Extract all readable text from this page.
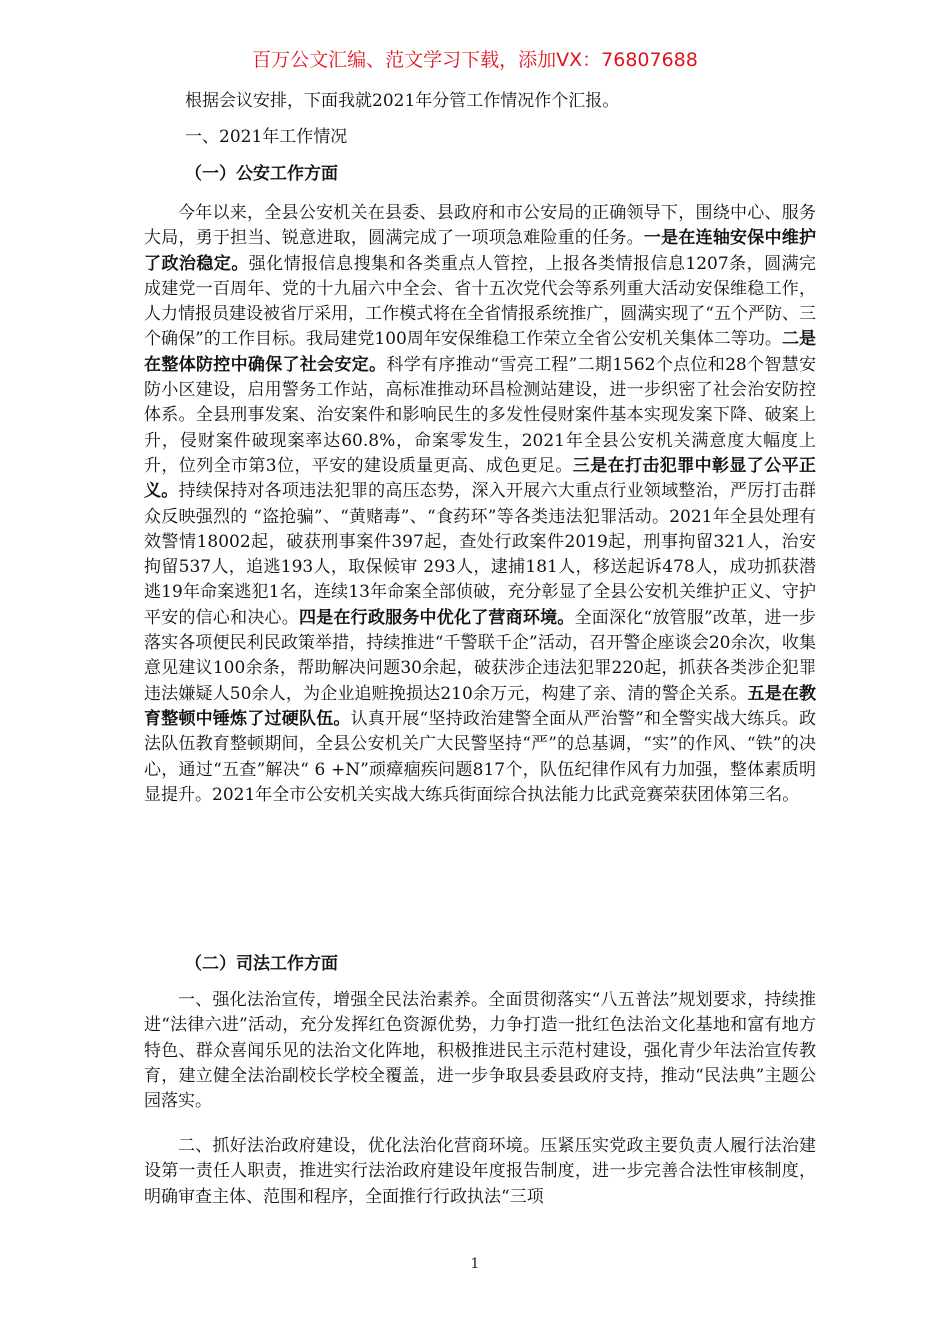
百万公文汇编、范文学习下载，添加VX：76807688
根据会议安排，下面我就2021年分管工作情况作个汇报。
一、2021年工作情况
（一）公安工作方面

今年以来，全县公安机关在县委、县政府和市公安局的正确领导下，围绕中心、服务大局，勇于担当、锐意进取，圆满完成了一项项急难险重的任务。一是在连轴安保中维护了政治稳定。强化情报信息搜集和各类重点人管控，上报各类情报信息1207条，圆满完成建党一百周年、党的十九届六中全会、省十五次党代会等系列重大活动安保维稳工作，人力情报员建设被省厅采用，工作模式将在全省情报系统推广，圆满实现了“五个严防、三个确保”的工作目标。我局建党100周年安保维稳工作荣立全省公安机关集体二等功。二是在整体防控中确保了社会安定。科学有序推动“雪亮工程”二期1562个点位和28个智慧安防小区建设，启用警务工作站，高标准推动环昌检测站建设，进一步织密了社会治安防控体系。全县刑事发案、治安案件和影响民生的多发性侵财案件基本实现发案下降、破案上升，侵财案件破现案率达60.8%，命案零发生，2021年全县公安机关满意度大幅度上升，位列全市第3位，平安的建设质量更高、成色更足。三是在打击犯罪中彰显了公平正义。持续保持对各项违法犯罪的高压态势，深入开展六大重点行业领域整治，严厉打击群众反映强烈的 “盗抢骗”、“黄赌毒”、“食药环”等各类违法犯罪活动。2021年全县处理有效警情18002起，破获刑事案件397起，查处行政案件2019起，刑事拘留321人，治安拘留537人，追逃193人，取保候审 293人，逮捕181人，移送起诉478人，成功抓获潜逃19年命案逃犯1名，连续13年命案全部侦破，充分彰显了全县公安机关维护正义、守护平安的信心和决心。四是在行政服务中优化了营商环境。全面深化“放管服”改革，进一步落实各项便民利民政策举措，持续推进“千警联千企”活动，召开警企座谈会20余次，收集意见建议100余条，帮助解决问题30余起，破获涉企违法犯罪220起，抓获各类涉企犯罪违法嫌疑人50余人，为企业追赃挽损达210余万元，构建了亲、清的警企关系。五是在教育整顿中锤炼了过硬队伍。认真开展“坚持政治建警全面从严治警”和全警实战大练兵。政法队伍教育整顿期间，全县公安机关广大民警坚持“严”的总基调，“实”的作风、“铁”的决心，通过“五查”解决“ 6 +N”顽瘴痼疾问题817个，队伍纪律作风有力加强，整体素质明显提升。2021年全市公安机关实战大练兵街面综合执法能力比武竞赛荣获团体第三名。

（二）司法工作方面

一、强化法治宣传，增强全民法治素养。全面贯彻落实“八五普法”规划要求，持续推进“法律六进”活动，充分发挥红色资源优势，力争打造一批红色法治文化基地和富有地方特色、群众喜闻乐见的法治文化阵地，积极推进民主示范村建设，强化青少年法治宣传教育，建立健全法治副校长学校全覆盖，进一步争取县委县政府支持，推动“民法典”主题公园落实。

二、抓好法治政府建设，优化法治化营商环境。压紧压实党政主要负责人履行法治建设第一责任人职责，推进实行法治政府建设年度报告制度，进一步完善合法性审核制度，明确审查主体、范围和程序，全面推行行政执法“三项

1
